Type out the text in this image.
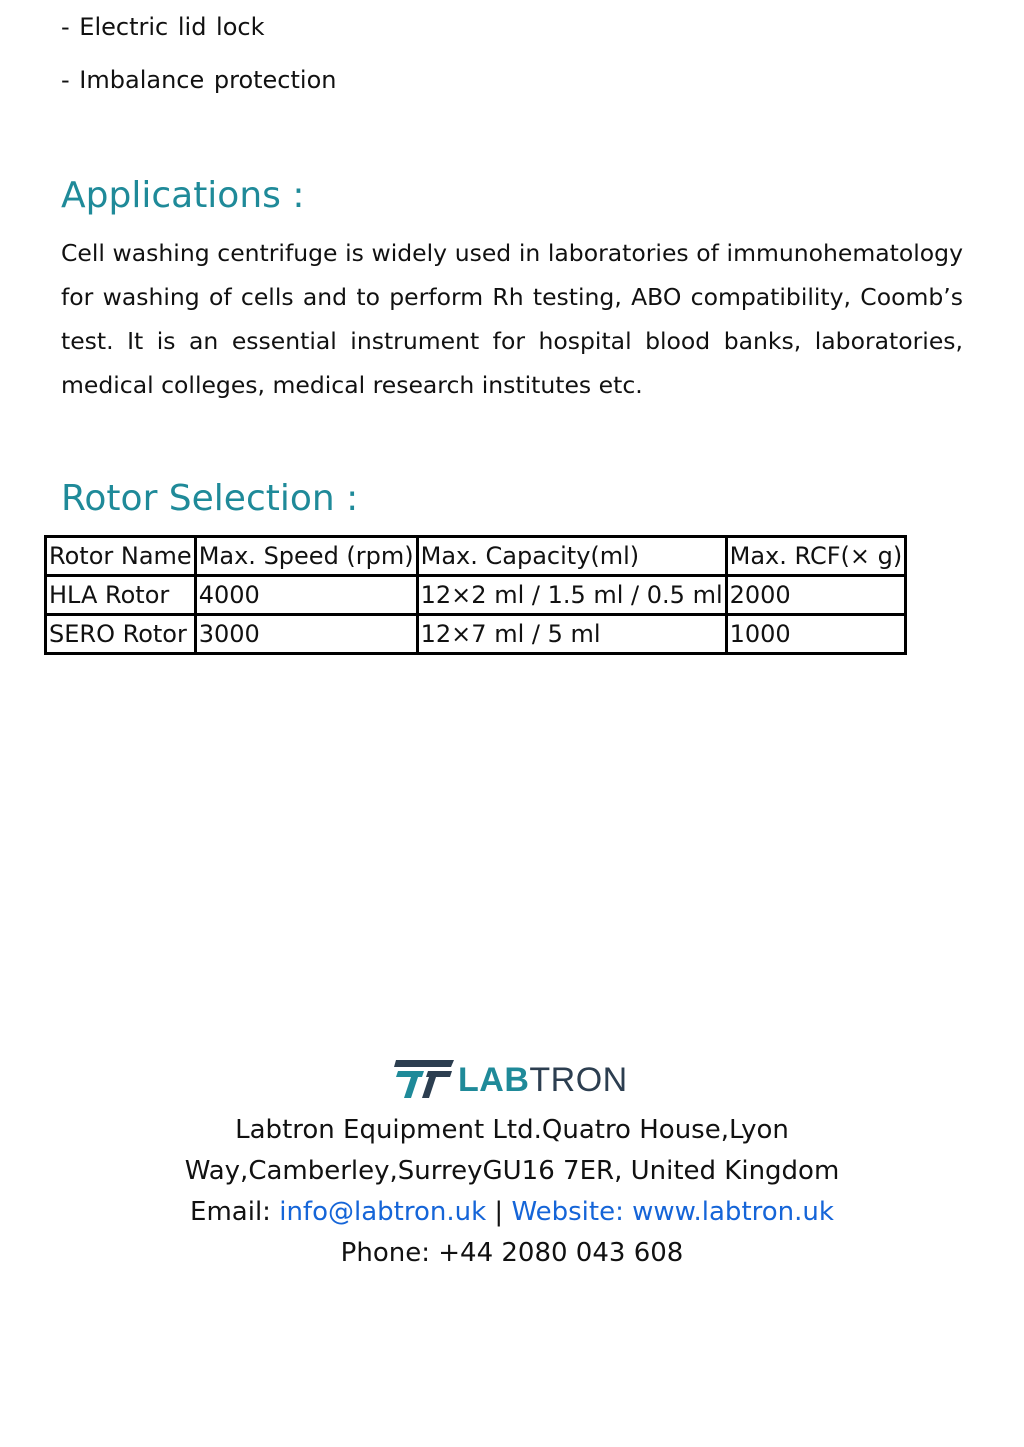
- Electric lid lock
- Imbalance protection
Applications :

Cell washing centrifuge is widely used in laboratories of immunohematology for washing of cells and to perform Rh testing, ABO compatibility, Coomb’s test. It is an essential instrument for hospital blood banks, laboratories, medical colleges, medical research institutes etc.

Rotor Selection :
Rotor Name	Max. Speed (rpm)	Max. Capacity(ml)	Max. RCF(× g)
HLA Rotor	4000	12×2 ml / 1.5 ml / 0.5 ml	2000
SERO Rotor	3000	12×7 ml / 5 ml	1000
LABTRON
Labtron Equipment Ltd.Quatro House,Lyon
Way,Camberley,SurreyGU16 7ER, United Kingdom
Email: info@labtron.uk | Website: www.labtron.uk
Phone: +44 2080 043 608
